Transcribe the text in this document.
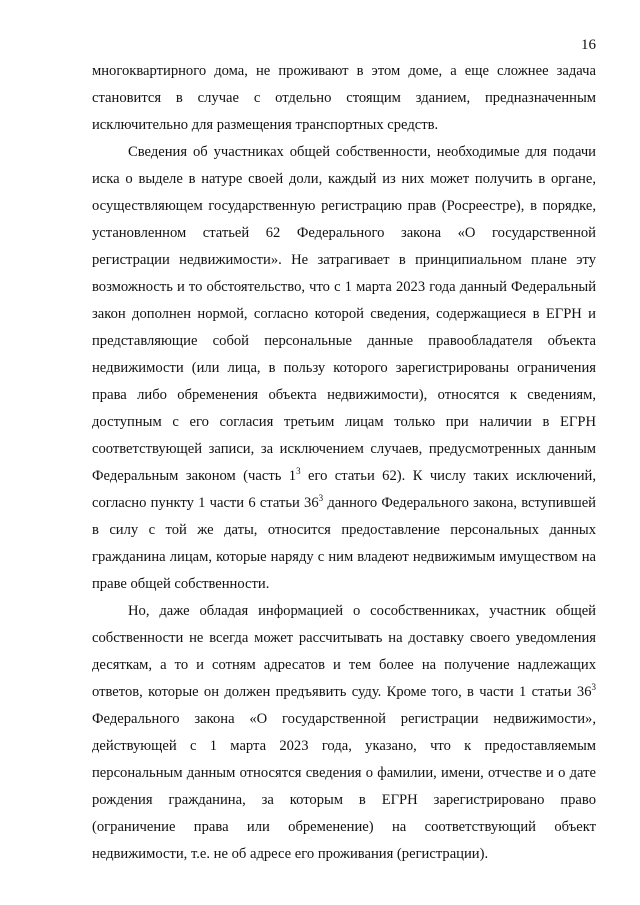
16

многоквартирного дома, не проживают в этом доме, а еще сложнее задача становится в случае с отдельно стоящим зданием, предназначенным исключительно для размещения транспортных средств.

Сведения об участниках общей собственности, необходимые для подачи иска о выделе в натуре своей доли, каждый из них может получить в органе, осуществляющем государственную регистрацию прав (Росреестре), в порядке, установленном статьей 62 Федерального закона «О государственной регистрации недвижимости». Не затрагивает в принципиальном плане эту возможность и то обстоятельство, что с 1 марта 2023 года данный Федеральный закон дополнен нормой, согласно которой сведения, содержащиеся в ЕГРН и представляющие собой персональные данные правообладателя объекта недвижимости (или лица, в пользу которого зарегистрированы ограничения права либо обременения объекта недвижимости), относятся к сведениям, доступным с его согласия третьим лицам только при наличии в ЕГРН соответствующей записи, за исключением случаев, предусмотренных данным Федеральным законом (часть $1^3$ его статьи 62). К числу таких исключений, согласно пункту 1 части 6 статьи $36^3$ данного Федерального закона, вступившей в силу с той же даты, относится предоставление персональных данных гражданина лицам, которые наряду с ним владеют недвижимым имуществом на праве общей собственности.

Но, даже обладая информацией о сособственниках, участник общей собственности не всегда может рассчитывать на доставку своего уведомления десяткам, а то и сотням адресатов и тем более на получение надлежащих ответов, которые он должен предъявить суду. Кроме того, в части 1 статьи $36^3$ Федерального закона «О государственной регистрации недвижимости», действующей с 1 марта 2023 года, указано, что к предоставляемым персональным данным относятся сведения о фамилии, имени, отчестве и о дате рождения гражданина, за которым в ЕГРН зарегистрировано право (ограничение права или обременение) на соответствующий объект недвижимости, т.е. не об адресе его проживания (регистрации).
